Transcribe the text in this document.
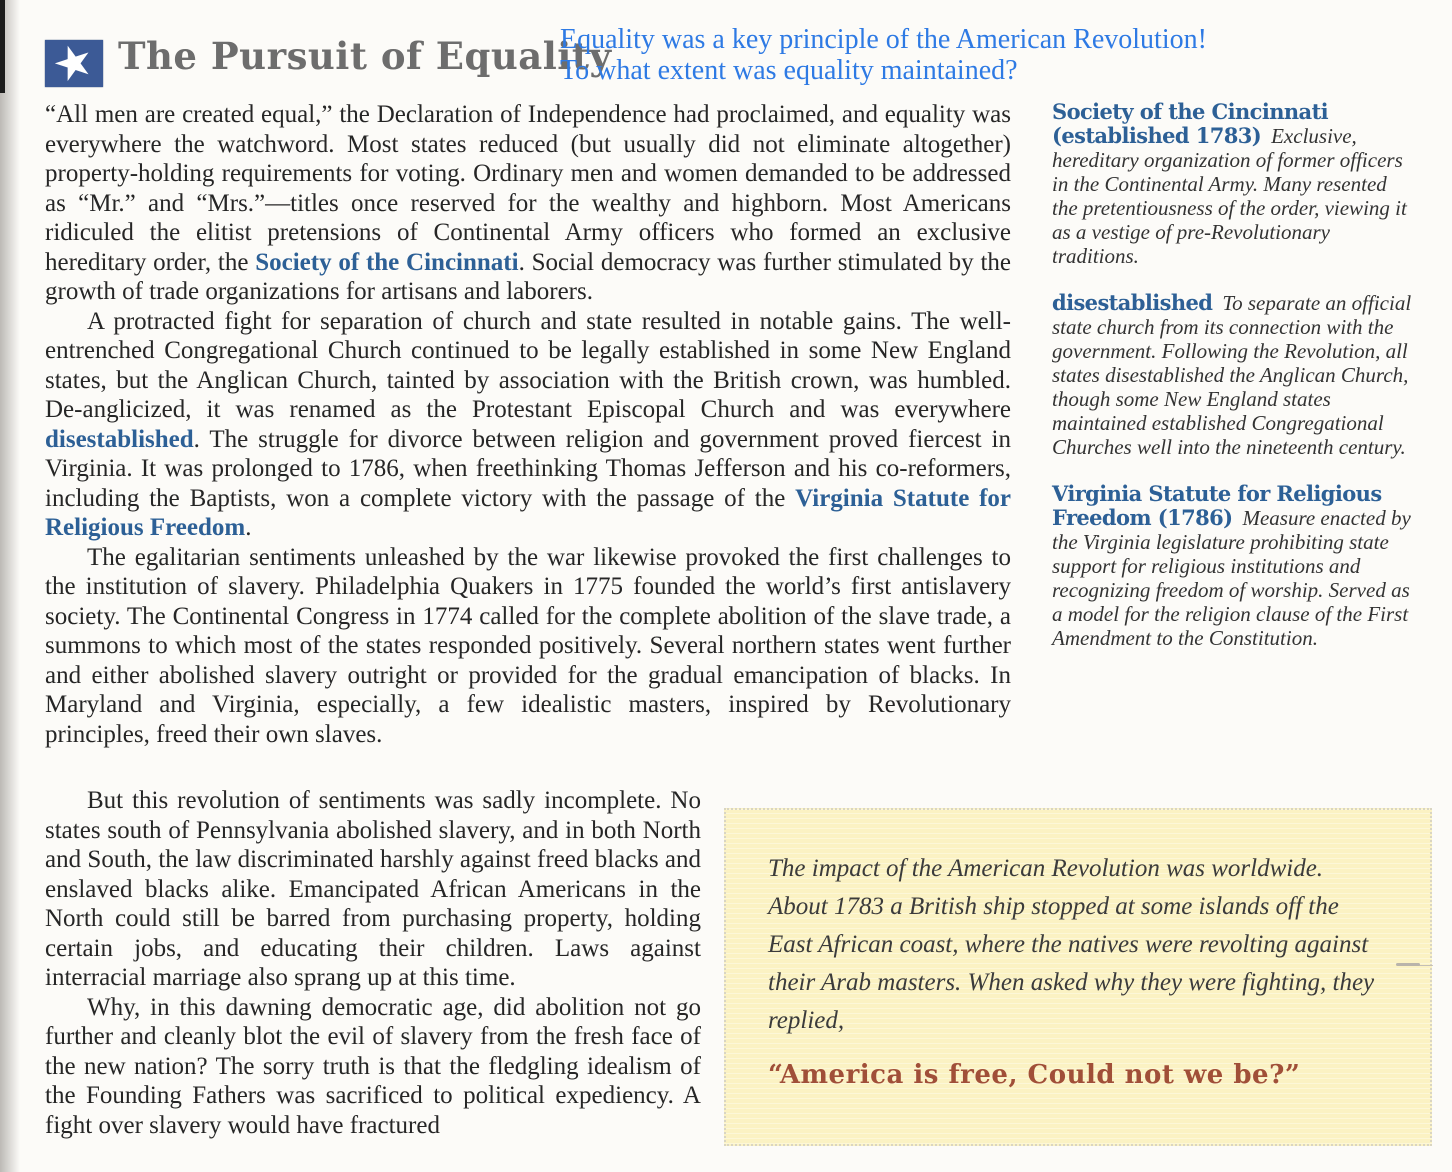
★ The Pursuit of Equality
Equality was a key principle of the American Revolution! To what extent was equality maintained?

“All men are created equal,” the Declaration of Independence had proclaimed, and equality was everywhere the watchword. Most states reduced (but usually did not eliminate altogether) property-holding requirements for voting. Ordinary men and women demanded to be addressed as “Mr.” and “Mrs.”—titles once reserved for the wealthy and highborn. Most Americans ridiculed the elitist pretensions of Continental Army officers who formed an exclusive hereditary order, the Society of the Cincinnati. Social democracy was further stimulated by the growth of trade organizations for artisans and laborers.

A protracted fight for separation of church and state resulted in notable gains. The well-entrenched Congregational Church continued to be legally established in some New England states, but the Anglican Church, tainted by association with the British crown, was humbled. De-anglicized, it was renamed as the Protestant Episcopal Church and was everywhere disestablished. The struggle for divorce between religion and government proved fiercest in Virginia. It was prolonged to 1786, when freethinking Thomas Jefferson and his co-reformers, including the Baptists, won a complete victory with the passage of the Virginia Statute for Religious Freedom.

The egalitarian sentiments unleashed by the war likewise provoked the first challenges to the institution of slavery. Philadelphia Quakers in 1775 founded the world’s first antislavery society. The Continental Congress in 1774 called for the complete abolition of the slave trade, a summons to which most of the states responded positively. Several northern states went further and either abolished slavery outright or provided for the gradual emancipation of blacks. In Maryland and Virginia, especially, a few idealistic masters, inspired by Revolutionary principles, freed their own slaves.

But this revolution of sentiments was sadly incomplete. No states south of Pennsylvania abolished slavery, and in both North and South, the law discriminated harshly against freed blacks and enslaved blacks alike. Emancipated African Americans in the North could still be barred from purchasing property, holding certain jobs, and educating their children. Laws against interracial marriage also sprang up at this time.

Why, in this dawning democratic age, did abolition not go further and cleanly blot the evil of slavery from the fresh face of the new nation? The sorry truth is that the fledgling idealism of the Founding Fathers was sacrificed to political expediency. A fight over slavery would have fractured

Society of the Cincinnati (established 1783) Exclusive, hereditary organization of former officers in the Continental Army. Many resented the pretentiousness of the order, viewing it as a vestige of pre-Revolutionary traditions.

disestablished To separate an official state church from its connection with the government. Following the Revolution, all states disestablished the Anglican Church, though some New England states maintained established Congregational Churches well into the nineteenth century.

Virginia Statute for Religious Freedom (1786) Measure enacted by the Virginia legislature prohibiting state support for religious institutions and recognizing freedom of worship. Served as a model for the religion clause of the First Amendment to the Constitution.

The impact of the American Revolution was worldwide. About 1783 a British ship stopped at some islands off the East African coast, where the natives were revolting against their Arab masters. When asked why they were fighting, they replied,

“America is free, Could not we be?”
